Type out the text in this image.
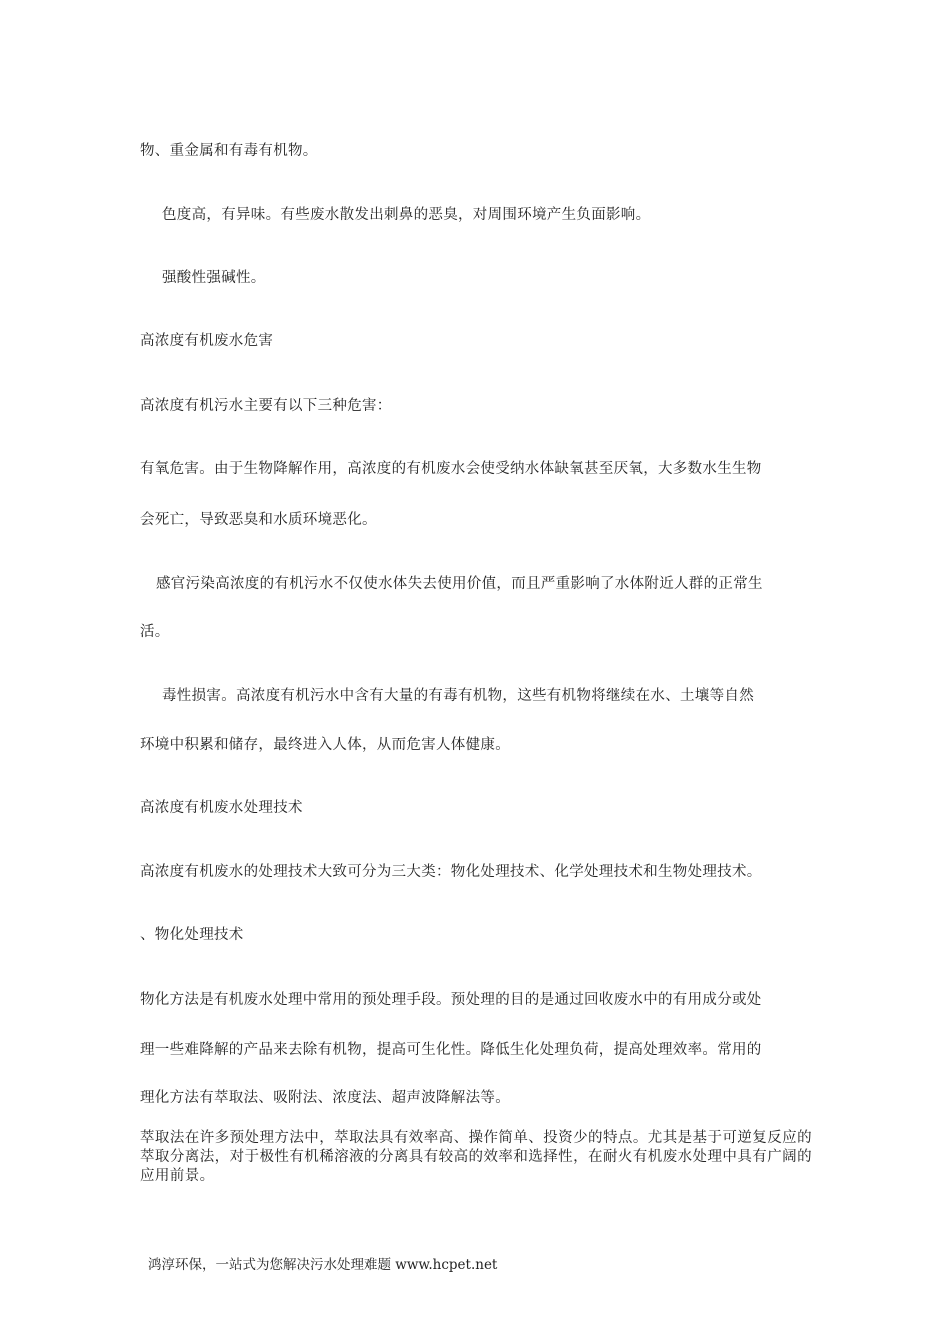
物、重金属和有毒有机物。
色度高，有异味。有些废水散发出刺鼻的恶臭，对周围环境产生负面影响。
强酸性强碱性。
高浓度有机废水危害
高浓度有机污水主要有以下三种危害：
有氧危害。由于生物降解作用，高浓度的有机废水会使受纳水体缺氧甚至厌氧，大多数水生生物
会死亡，导致恶臭和水质环境恶化。
感官污染高浓度的有机污水不仅使水体失去使用价值，而且严重影响了水体附近人群的正常生
活。
毒性损害。高浓度有机污水中含有大量的有毒有机物，这些有机物将继续在水、土壤等自然
环境中积累和储存，最终进入人体，从而危害人体健康。
高浓度有机废水处理技术
高浓度有机废水的处理技术大致可分为三大类：物化处理技术、化学处理技术和生物处理技术。
、物化处理技术
物化方法是有机废水处理中常用的预处理手段。预处理的目的是通过回收废水中的有用成分或处
理一些难降解的产品来去除有机物，提高可生化性。降低生化处理负荷，提高处理效率。常用的
理化方法有萃取法、吸附法、浓度法、超声波降解法等。
萃取法在许多预处理方法中，萃取法具有效率高、操作简单、投资少的特点。尤其是基于可逆复反应的萃取分离法，对于极性有机稀溶液的分离具有较高的效率和选择性，在耐火有机废水处理中具有广阔的应用前景。
鸿淳环保，一站式为您解决污水处理难题 www.hcpet.net
